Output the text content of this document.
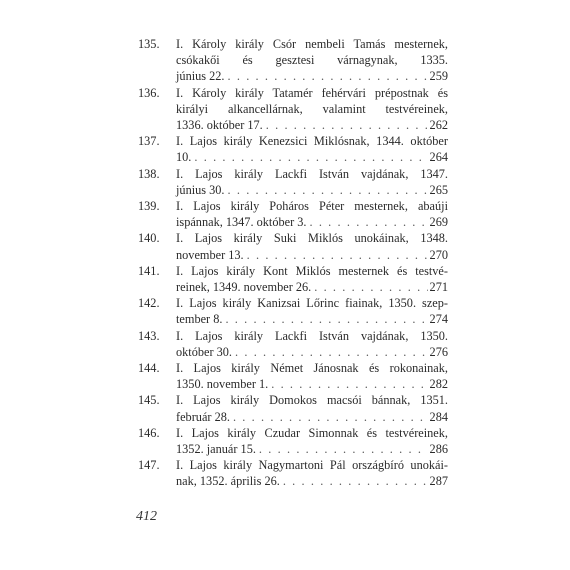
135.	I. Károly király Csór nembeli Tamás mesternek,
csókakői és gesztesi várnagynak, 1335.
június 22. . . .	259
136.	I. Károly király Tatamér fehérvári prépostnak és
királyi alkancellárnak, valamint testvéreinek,
1336. október 17. . . .	262
137.	I. Lajos király Kenezsici Miklósnak, 1344. október
10. . . .	264
138.	I. Lajos király Lackfi István vajdának, 1347.
június 30. . . .	265
139.	I. Lajos király Poháros Péter mesternek, abaúji
ispánnak, 1347. október 3. . . .	269
140.	I. Lajos király Suki Miklós unokáinak, 1348.
november 13. . . .	270
141.	I. Lajos király Kont Miklós mesternek és testvé-
reinek, 1349. november 26. . . .	271
142.	I. Lajos király Kanizsai Lőrinc fiainak, 1350. szep-
tember 8. . . .	274
143.	I. Lajos király Lackfi István vajdának, 1350.
október 30. . . .	276
144.	I. Lajos király Német Jánosnak és rokonainak,
1350. november 1. . . .	282
145.	I. Lajos király Domokos macsói bánnak, 1351.
február 28. . . .	284
146.	I. Lajos király Czudar Simonnak és testvéreinek,
1352. január 15. . . .	286
147.	I. Lajos király Nagymartoni Pál országbíró unokái-
nak, 1352. április 26. . . .	287
412
